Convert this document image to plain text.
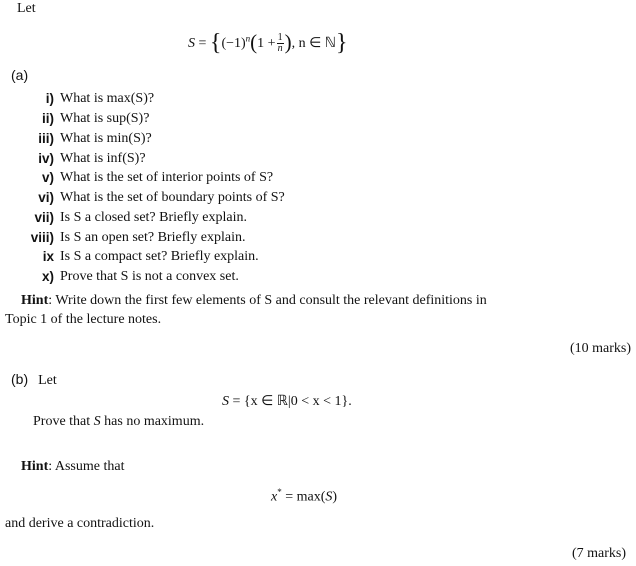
Let
$S = \{(-1)^n(1 + \frac{1}{n}$ ), n ∈ ℕ}
(a)
i) What is max(S)?
ii) What is sup(S)?
iii) What is min(S)?
iv) What is inf(S)?
v) What is the set of interior points of S?
vi) What is the set of boundary points of S?
vii) Is S a closed set? Briefly explain.
viii) Is S an open set? Briefly explain.
ix Is S a compact set? Briefly explain.
x) Prove that S is not a convex set.
Hint: Write down the first few elements of S and consult the relevant definitions in
Topic 1 of the lecture notes.
(10 marks)
(b) Let
S = {x ∈ ℝ|0 < x < 1}.
Prove that S has no maximum.
Hint: Assume that
x* = max(S)
and derive a contradiction.
(7 marks)
